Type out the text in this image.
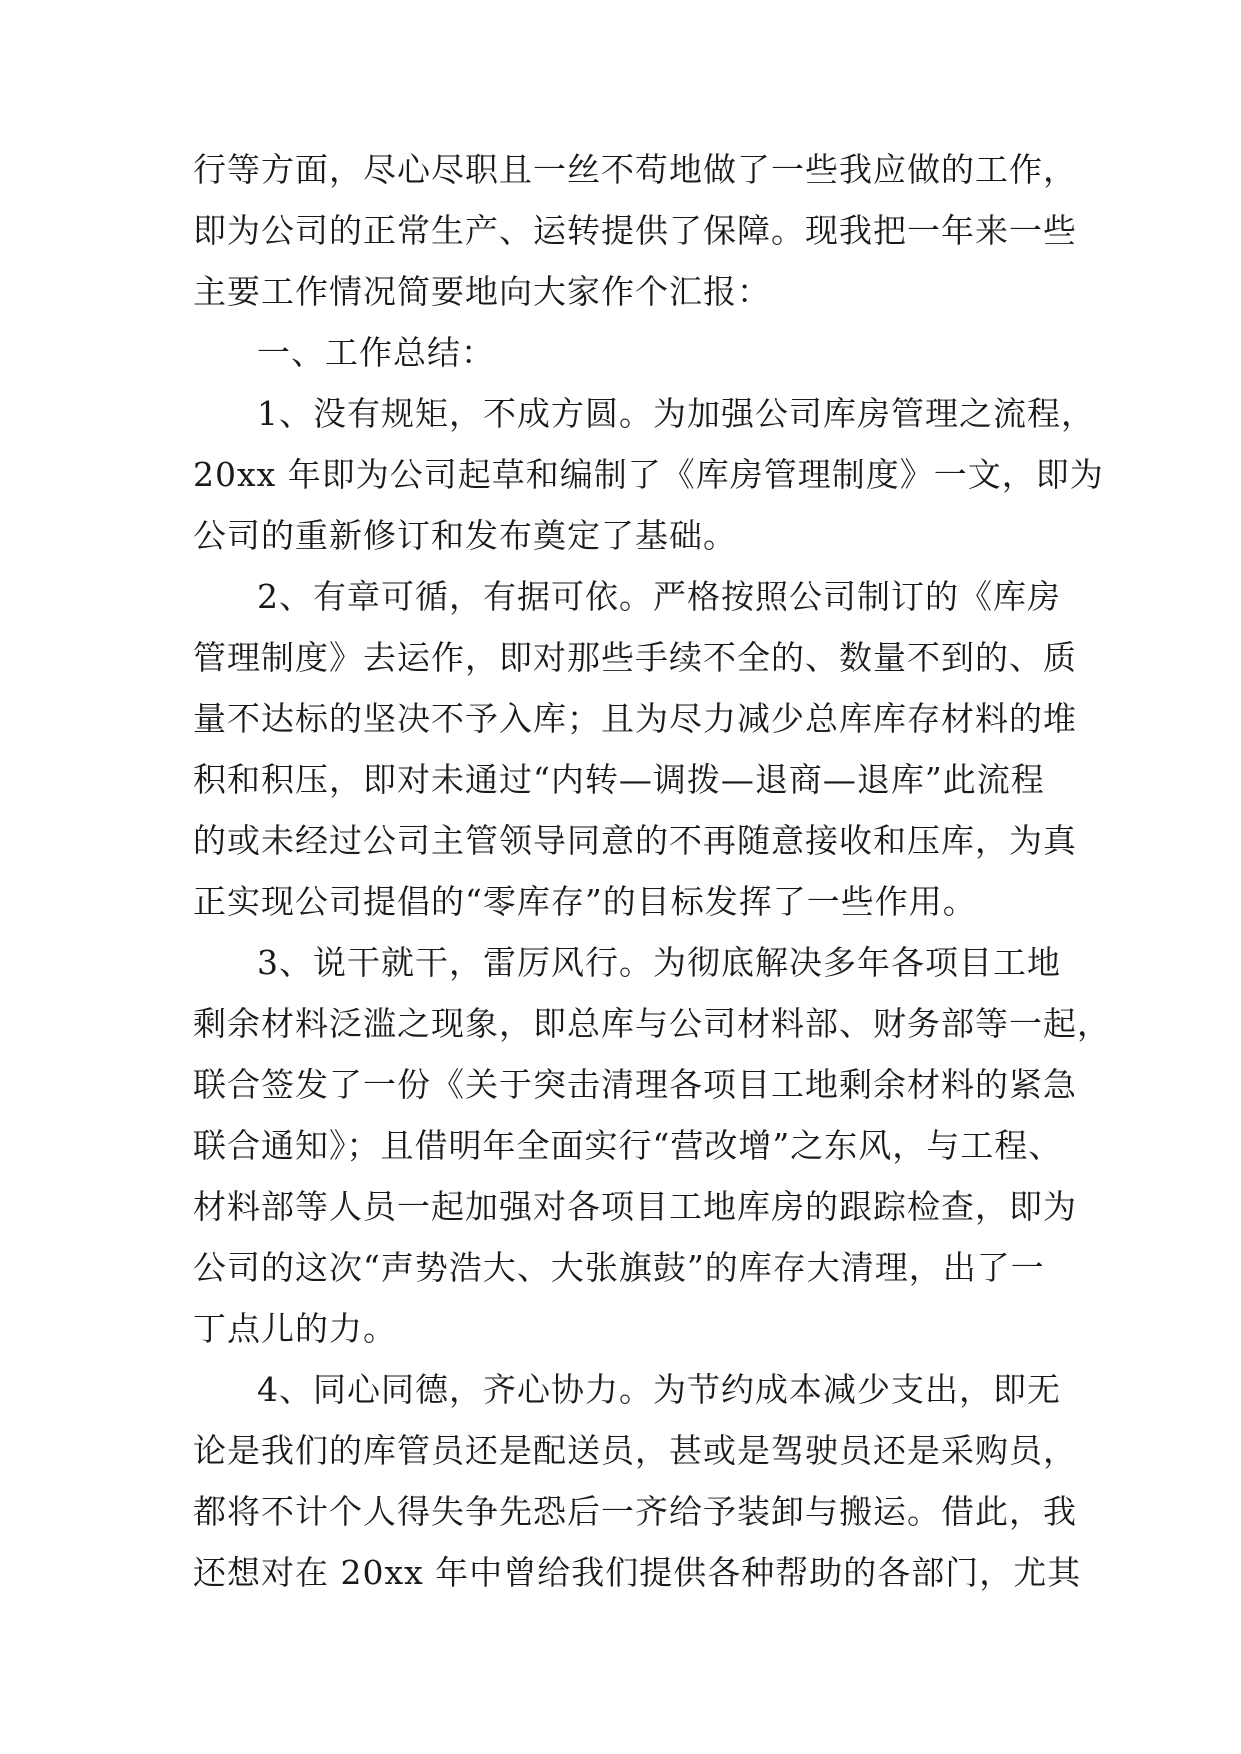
行等方面，尽心尽职且一丝不苟地做了一些我应做的工作，
即为公司的正常生产、运转提供了保障。现我把一年来一些
主要工作情况简要地向大家作个汇报：
一、工作总结：
1、没有规矩，不成方圆。为加强公司库房管理之流程，
20xx 年即为公司起草和编制了《库房管理制度》一文，即为
公司的重新修订和发布奠定了基础。
2、有章可循，有据可依。严格按照公司制订的《库房
管理制度》去运作，即对那些手续不全的、数量不到的、质
量不达标的坚决不予入库；且为尽力减少总库库存材料的堆
积和积压，即对未通过“内转—调拨—退商—退库”此流程
的或未经过公司主管领导同意的不再随意接收和压库，为真
正实现公司提倡的“零库存”的目标发挥了一些作用。
3、说干就干，雷厉风行。为彻底解决多年各项目工地
剩余材料泛滥之现象，即总库与公司材料部、财务部等一起，
联合签发了一份《关于突击清理各项目工地剩余材料的紧急
联合通知》；且借明年全面实行“营改增”之东风，与工程、
材料部等人员一起加强对各项目工地库房的跟踪检查，即为
公司的这次“声势浩大、大张旗鼓”的库存大清理，出了一
丁点儿的力。
4、同心同德，齐心协力。为节约成本减少支出，即无
论是我们的库管员还是配送员，甚或是驾驶员还是采购员，
都将不计个人得失争先恐后一齐给予装卸与搬运。借此，我
还想对在 20xx 年中曾给我们提供各种帮助的各部门，尤其
